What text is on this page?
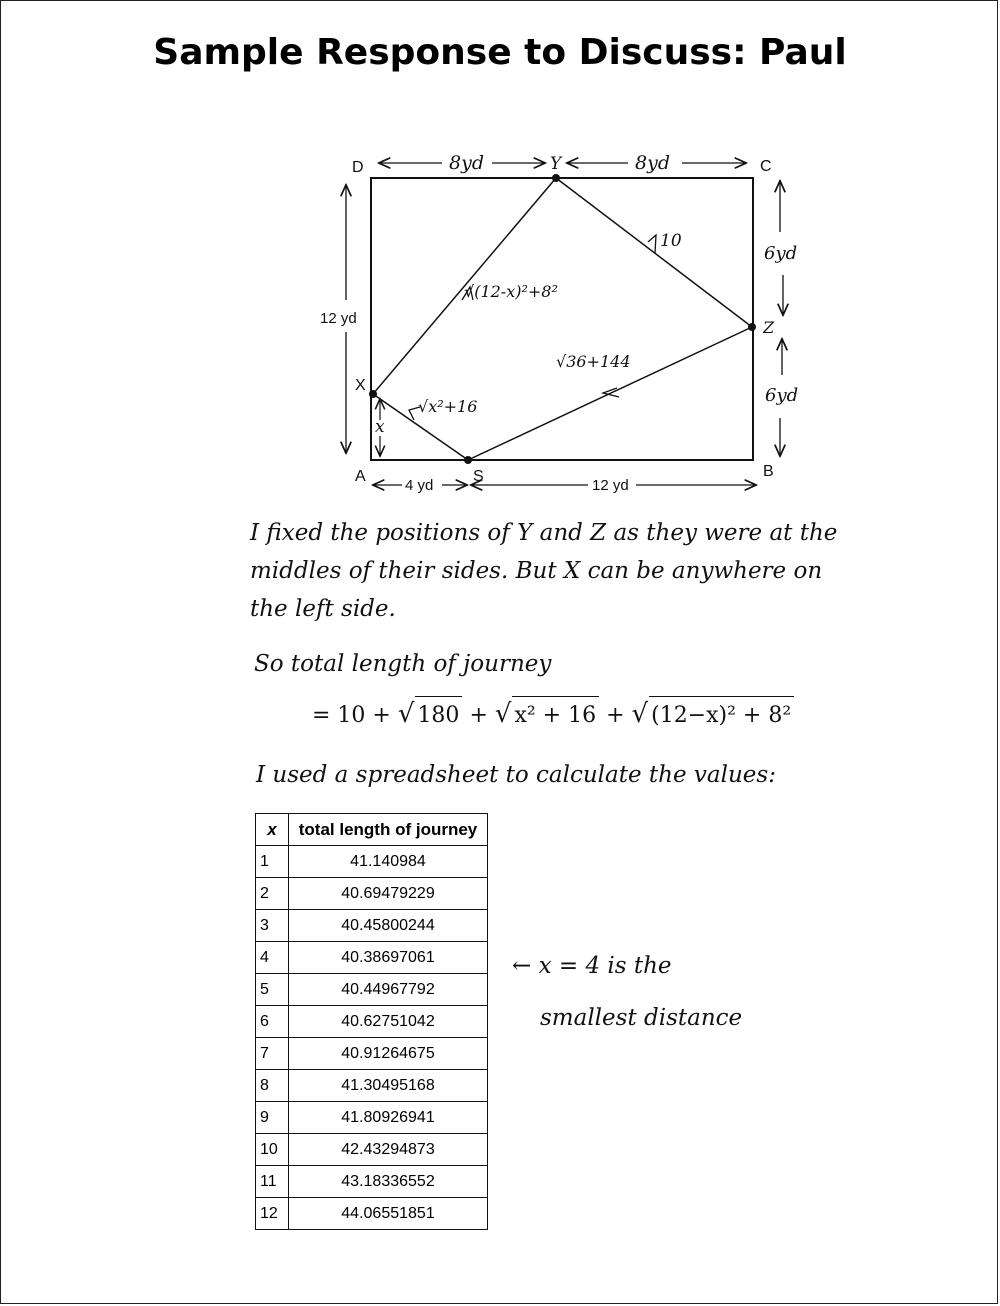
Sample Response to Discuss: Paul
D	C
A	B
Y
Z
X
S
8yd	8yd
12 yd
x
6yd
6yd
4 yd	12 yd
10
√(12-x)²+8²
√36+144
√x²+16
I fixed the positions of Y and Z as they were at the middles of their sides. But X can be anywhere on the left side.
So total length of journey
= 10 + √ 180 + √ x² + 16 + √ (12−x)² + 8²
I used a spreadsheet to calculate the values:
x	total length of journey
1	41.140984
2	40.69479229
3	40.45800244
4	40.38697061
5	40.44967792
6	40.62751042
7	40.91264675
8	41.30495168
9	41.80926941
10	42.43294873
11	43.18336552
12	44.06551851
← x = 4 is the
smallest distance
